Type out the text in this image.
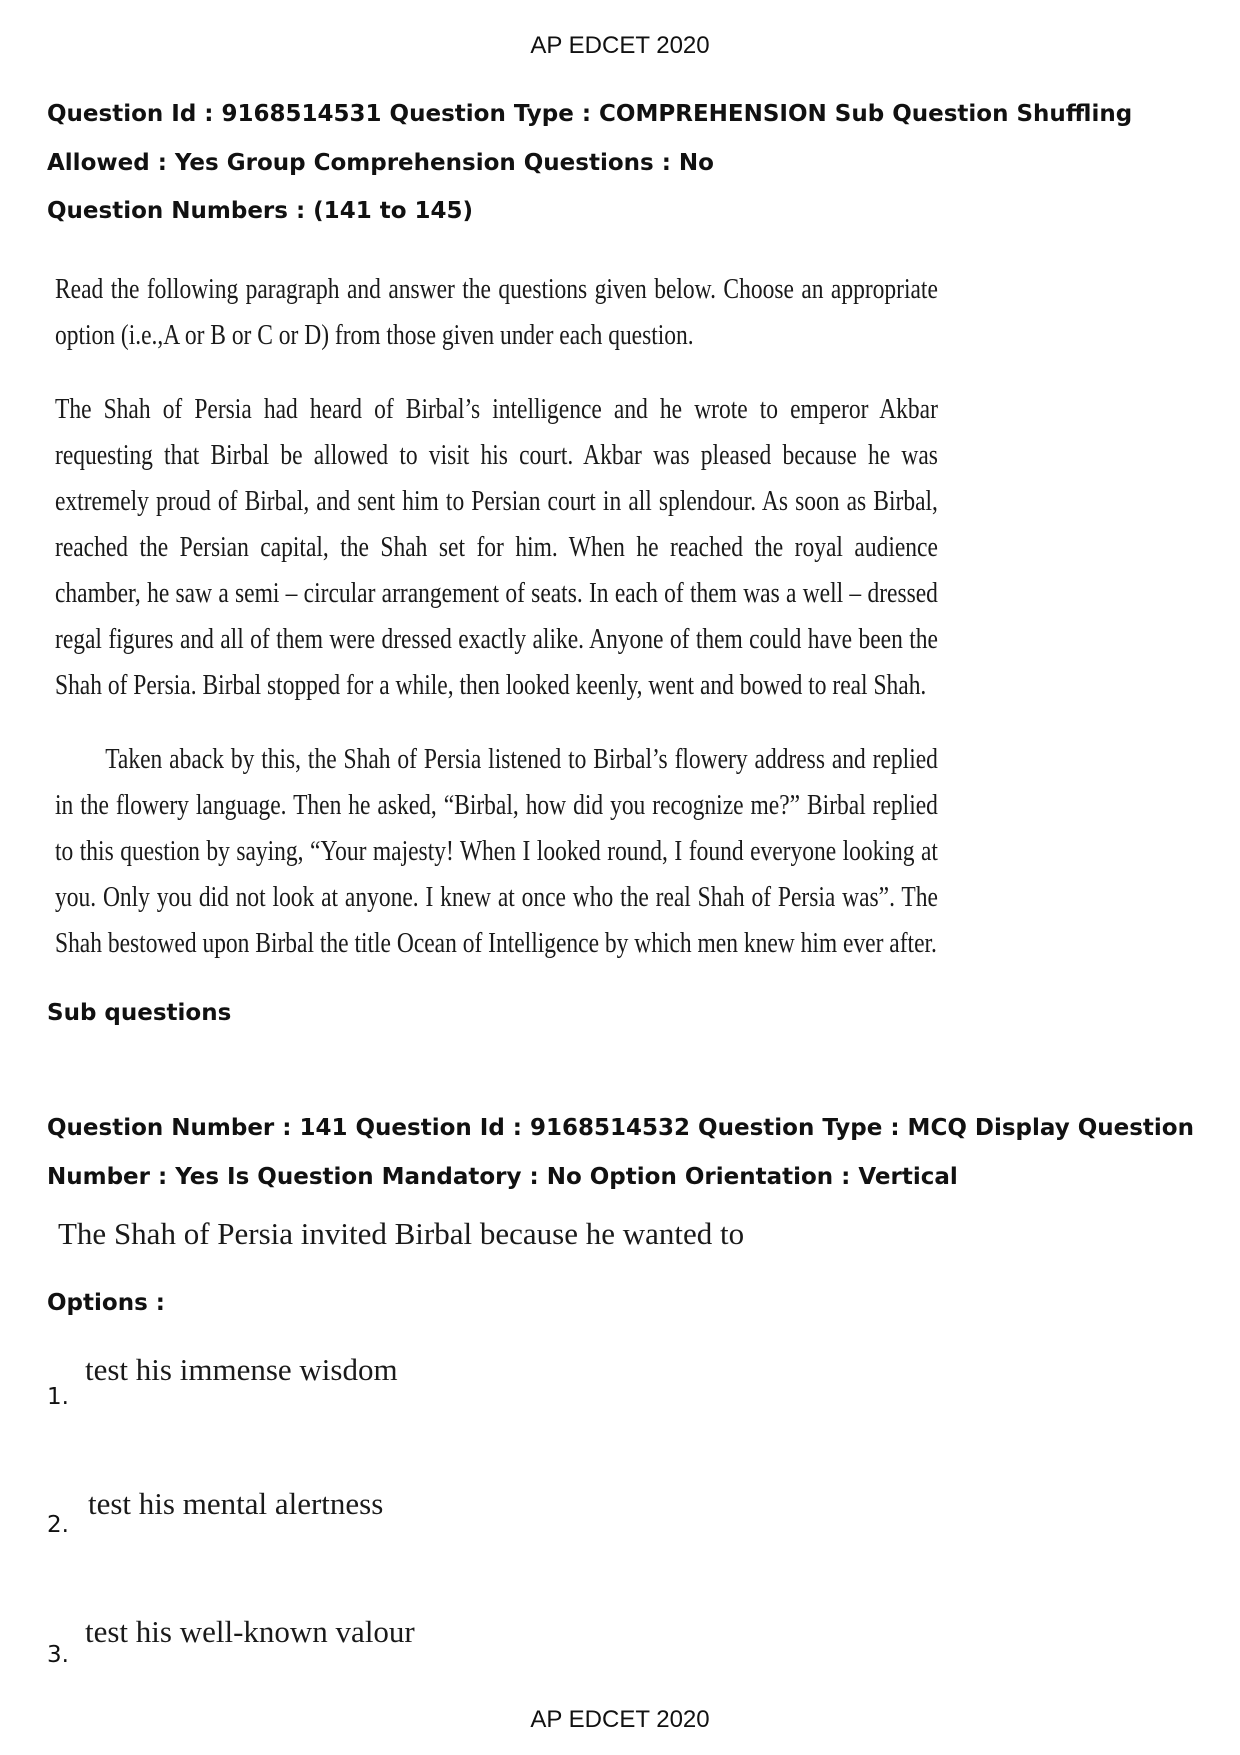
AP EDCET 2020
Question Id : 9168514531 Question Type : COMPREHENSION Sub Question Shuffling Allowed : Yes Group Comprehension Questions : No
Question Numbers : (141 to 145)

Read the following paragraph and answer the questions given below. Choose an appropriate option (i.e.,A or B or C or D) from those given under each question.

The Shah of Persia had heard of Birbal’s intelligence and he wrote to emperor Akbar requesting that Birbal be allowed to visit his court. Akbar was pleased because he was extremely proud of Birbal, and sent him to Persian court in all splendour. As soon as Birbal, reached the Persian capital, the Shah set for him. When he reached the royal audience chamber, he saw a semi – circular arrangement of seats. In each of them was a well – dressed regal figures and all of them were dressed exactly alike. Anyone of them could have been the Shah of Persia. Birbal stopped for a while, then looked keenly, went and bowed to real Shah.

Taken aback by this, the Shah of Persia listened to Birbal’s flowery address and replied in the flowery language. Then he asked, “Birbal, how did you recognize me?” Birbal replied to this question by saying, “Your majesty! When I looked round, I found everyone looking at you. Only you did not look at anyone. I knew at once who the real Shah of Persia was”. The Shah bestowed upon Birbal the title Ocean of Intelligence by which men knew him ever after.

Sub questions
Question Number : 141 Question Id : 9168514532 Question Type : MCQ Display Question Number : Yes Is Question Mandatory : No Option Orientation : Vertical
The Shah of Persia invited Birbal because he wanted to
Options :
1.
test his immense wisdom
2.
test his mental alertness
3.
test his well-known valour
AP EDCET 2020
